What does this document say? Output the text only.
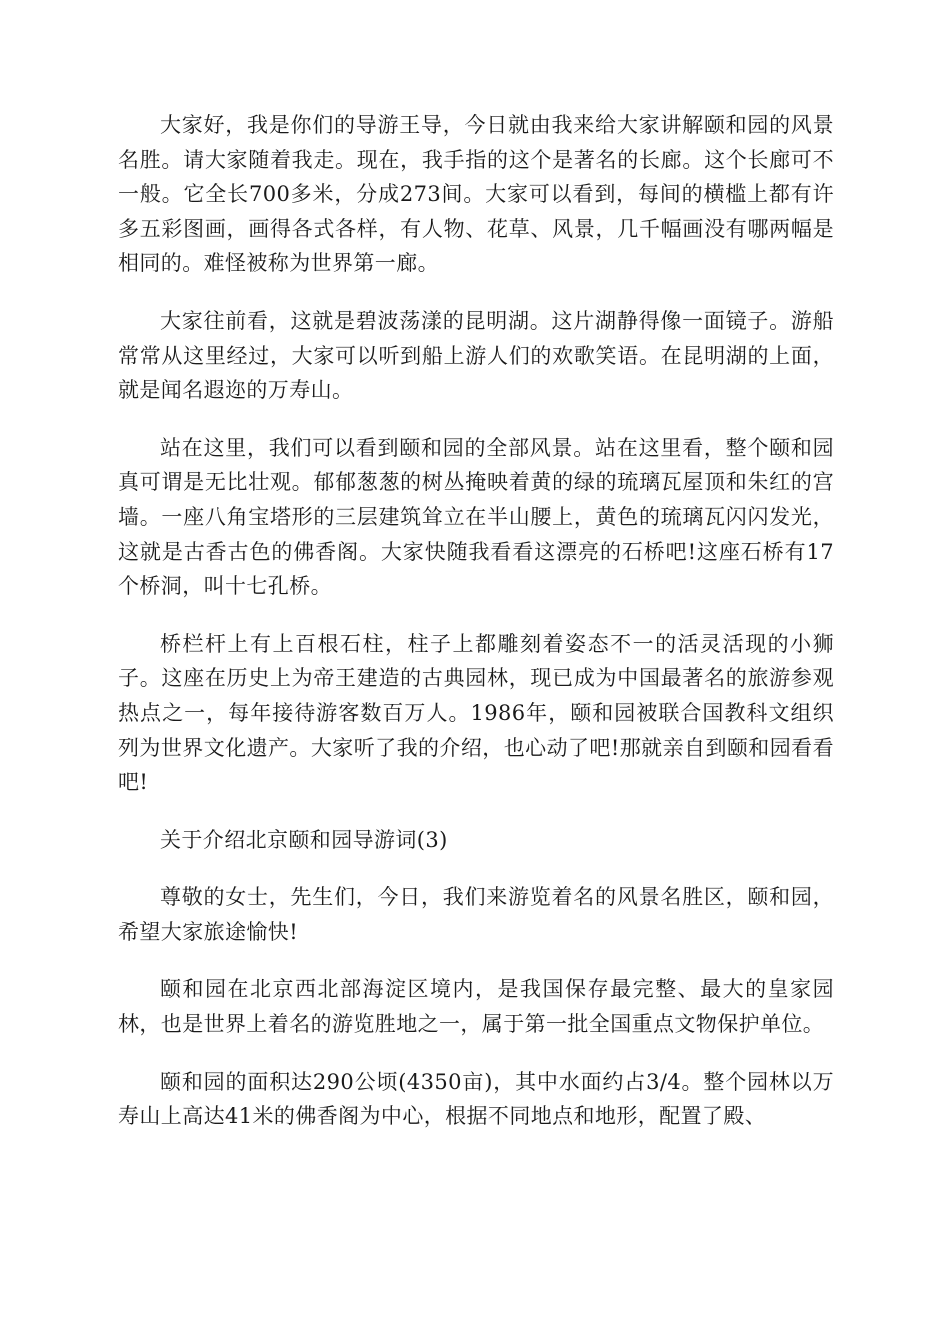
大家好，我是你们的导游王导，今日就由我来给大家讲解颐和园的风景名胜。请大家随着我走。现在，我手指的这个是著名的长廊。这个长廊可不一般。它全长700多米，分成273间。大家可以看到，每间的横槛上都有许多五彩图画，画得各式各样，有人物、花草、风景，几千幅画没有哪两幅是相同的。难怪被称为世界第一廊。

大家往前看，这就是碧波荡漾的昆明湖。这片湖静得像一面镜子。游船常常从这里经过，大家可以听到船上游人们的欢歌笑语。在昆明湖的上面，就是闻名遐迩的万寿山。

站在这里，我们可以看到颐和园的全部风景。站在这里看，整个颐和园真可谓是无比壮观。郁郁葱葱的树丛掩映着黄的绿的琉璃瓦屋顶和朱红的宫墙。一座八角宝塔形的三层建筑耸立在半山腰上，黄色的琉璃瓦闪闪发光，这就是古香古色的佛香阁。大家快随我看看这漂亮的石桥吧!这座石桥有17个桥洞，叫十七孔桥。

桥栏杆上有上百根石柱，柱子上都雕刻着姿态不一的活灵活现的小狮子。这座在历史上为帝王建造的古典园林，现已成为中国最著名的旅游参观热点之一，每年接待游客数百万人。1986年，颐和园被联合国教科文组织列为世界文化遗产。大家听了我的介绍，也心动了吧!那就亲自到颐和园看看吧!

关于介绍北京颐和园导游词(3)

尊敬的女士，先生们，今日，我们来游览着名的风景名胜区，颐和园，希望大家旅途愉快!

颐和园在北京西北部海淀区境内，是我国保存最完整、最大的皇家园林，也是世界上着名的游览胜地之一，属于第一批全国重点文物保护单位。

颐和园的面积达290公顷(4350亩)，其中水面约占3/4。整个园林以万寿山上高达41米的佛香阁为中心，根据不同地点和地形，配置了殿、
